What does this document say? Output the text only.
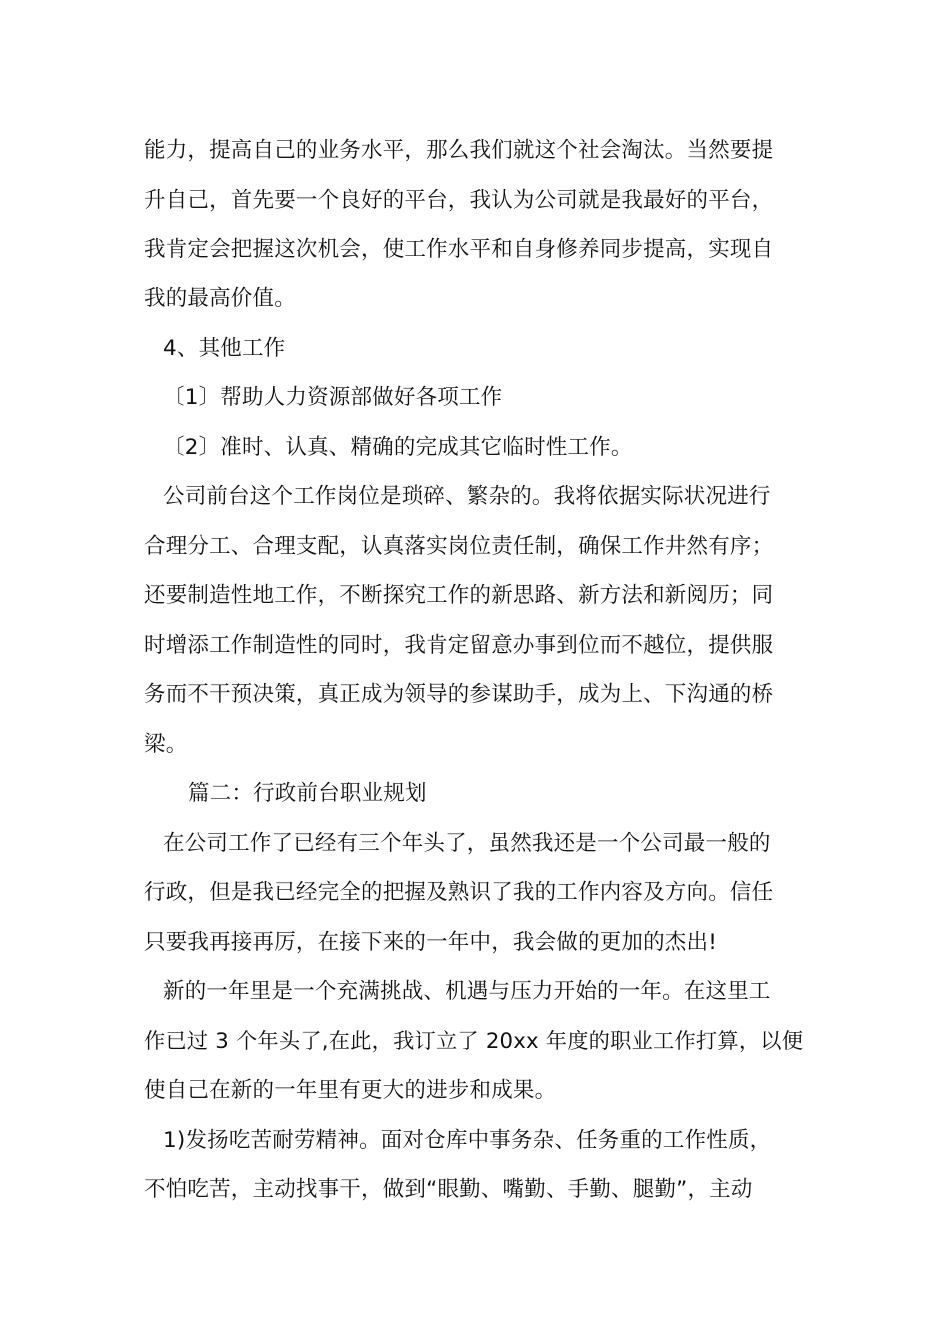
能力，提高自己的业务水平，那么我们就这个社会淘汰。当然要提
升自己，首先要一个良好的平台，我认为公司就是我最好的平台，
我肯定会把握这次机会，使工作水平和自身修养同步提高，实现自
我的最高价值。
4、其他工作
〔1〕帮助人力资源部做好各项工作
〔2〕准时、认真、精确的完成其它临时性工作。
公司前台这个工作岗位是琐碎、繁杂的。我将依据实际状况进行
合理分工、合理支配，认真落实岗位责任制，确保工作井然有序；
还要制造性地工作，不断探究工作的新思路、新方法和新阅历；同
时增添工作制造性的同时，我肯定留意办事到位而不越位，提供服
务而不干预决策，真正成为领导的参谋助手，成为上、下沟通的桥
梁。
篇二：行政前台职业规划
在公司工作了已经有三个年头了，虽然我还是一个公司最一般的
行政，但是我已经完全的把握及熟识了我的工作内容及方向。信任
只要我再接再厉，在接下来的一年中，我会做的更加的杰出!
新的一年里是一个充满挑战、机遇与压力开始的一年。在这里工
作已过 3 个年头了,在此，我订立了 20xx 年度的职业工作打算，以便
使自己在新的一年里有更大的进步和成果。
1)发扬吃苦耐劳精神。面对仓库中事务杂、任务重的工作性质，
不怕吃苦，主动找事干，做到“眼勤、嘴勤、手勤、腿勤”，主动
